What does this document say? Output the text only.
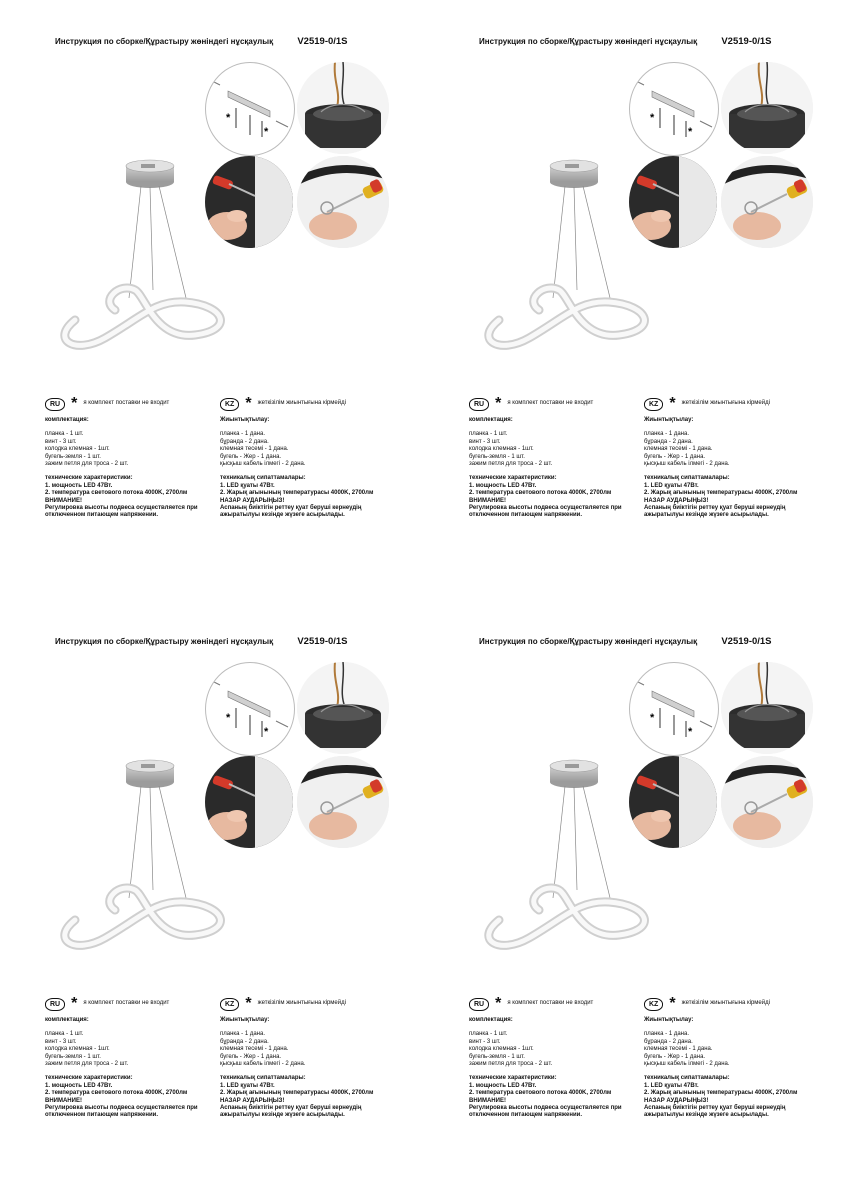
Инструкция по сборке/Құрастыру жөніндегі нұсқаулық	V2519-0/1S
*
*
RU * я комплект поставки не входит
комплектация:
планка - 1 шт.
винт - 3 шт.
колодка клемная - 1шт.
бугель-земля - 1 шт.
зажим петля для троса - 2 шт.
технические характеристики:
1. мощность LED 47Вт.
2. температура светового потока 4000K, 2700лм
ВНИМАНИЕ!
Регулировка высоты подвеса осуществляется при отключенном питающем напряжении.
KZ * жеткізілім жиынтығына кірмейді
Жиынтықтылау:
планка - 1 дана.
бұрандa - 2 дана.
клемная тесемі - 1 дана.
бугель - Жер - 1 дана.
қысқыш кабель ілмегі - 2 дана.
техникалық сипаттамалары:
1. LED қуаты 47Вт.
2. Жарық ағынының температурасы 4000K, 2700лм
НАЗАР АУДАРЫҢЫЗ!
Аспаның биіктігін реттеу қуат беруші кернеудің ажыратылуы кезінде жүзеге асырылады.
Инструкция по сборке/Құрастыру жөніндегі нұсқаулық	V2519-0/1S
*
*
RU * я комплект поставки не входит
комплектация:
планка - 1 шт.
винт - 3 шт.
колодка клемная - 1шт.
бугель-земля - 1 шт.
зажим петля для троса - 2 шт.
технические характеристики:
1. мощность LED 47Вт.
2. температура светового потока 4000K, 2700лм
ВНИМАНИЕ!
Регулировка высоты подвеса осуществляется при отключенном питающем напряжении.
KZ * жеткізілім жиынтығына кірмейді
Жиынтықтылау:
планка - 1 дана.
бұрандa - 2 дана.
клемная тесемі - 1 дана.
бугель - Жер - 1 дана.
қысқыш кабель ілмегі - 2 дана.
техникалық сипаттамалары:
1. LED қуаты 47Вт.
2. Жарық ағынының температурасы 4000K, 2700лм
НАЗАР АУДАРЫҢЫЗ!
Аспаның биіктігін реттеу қуат беруші кернеудің ажыратылуы кезінде жүзеге асырылады.
Инструкция по сборке/Құрастыру жөніндегі нұсқаулық	V2519-0/1S
*
*
RU * я комплект поставки не входит
комплектация:
планка - 1 шт.
винт - 3 шт.
колодка клемная - 1шт.
бугель-земля - 1 шт.
зажим петля для троса - 2 шт.
технические характеристики:
1. мощность LED 47Вт.
2. температура светового потока 4000K, 2700лм
ВНИМАНИЕ!
Регулировка высоты подвеса осуществляется при отключенном питающем напряжении.
KZ * жеткізілім жиынтығына кірмейді
Жиынтықтылау:
планка - 1 дана.
бұрандa - 2 дана.
клемная тесемі - 1 дана.
бугель - Жер - 1 дана.
қысқыш кабель ілмегі - 2 дана.
техникалық сипаттамалары:
1. LED қуаты 47Вт.
2. Жарық ағынының температурасы 4000K, 2700лм
НАЗАР АУДАРЫҢЫЗ!
Аспаның биіктігін реттеу қуат беруші кернеудің ажыратылуы кезінде жүзеге асырылады.
Инструкция по сборке/Құрастыру жөніндегі нұсқаулық	V2519-0/1S
*
*
RU * я комплект поставки не входит
комплектация:
планка - 1 шт.
винт - 3 шт.
колодка клемная - 1шт.
бугель-земля - 1 шт.
зажим петля для троса - 2 шт.
технические характеристики:
1. мощность LED 47Вт.
2. температура светового потока 4000K, 2700лм
ВНИМАНИЕ!
Регулировка высоты подвеса осуществляется при отключенном питающем напряжении.
KZ * жеткізілім жиынтығына кірмейді
Жиынтықтылау:
планка - 1 дана.
бұрандa - 2 дана.
клемная тесемі - 1 дана.
бугель - Жер - 1 дана.
қысқыш кабель ілмегі - 2 дана.
техникалық сипаттамалары:
1. LED қуаты 47Вт.
2. Жарық ағынының температурасы 4000K, 2700лм
НАЗАР АУДАРЫҢЫЗ!
Аспаның биіктігін реттеу қуат беруші кернеудің ажыратылуы кезінде жүзеге асырылады.
